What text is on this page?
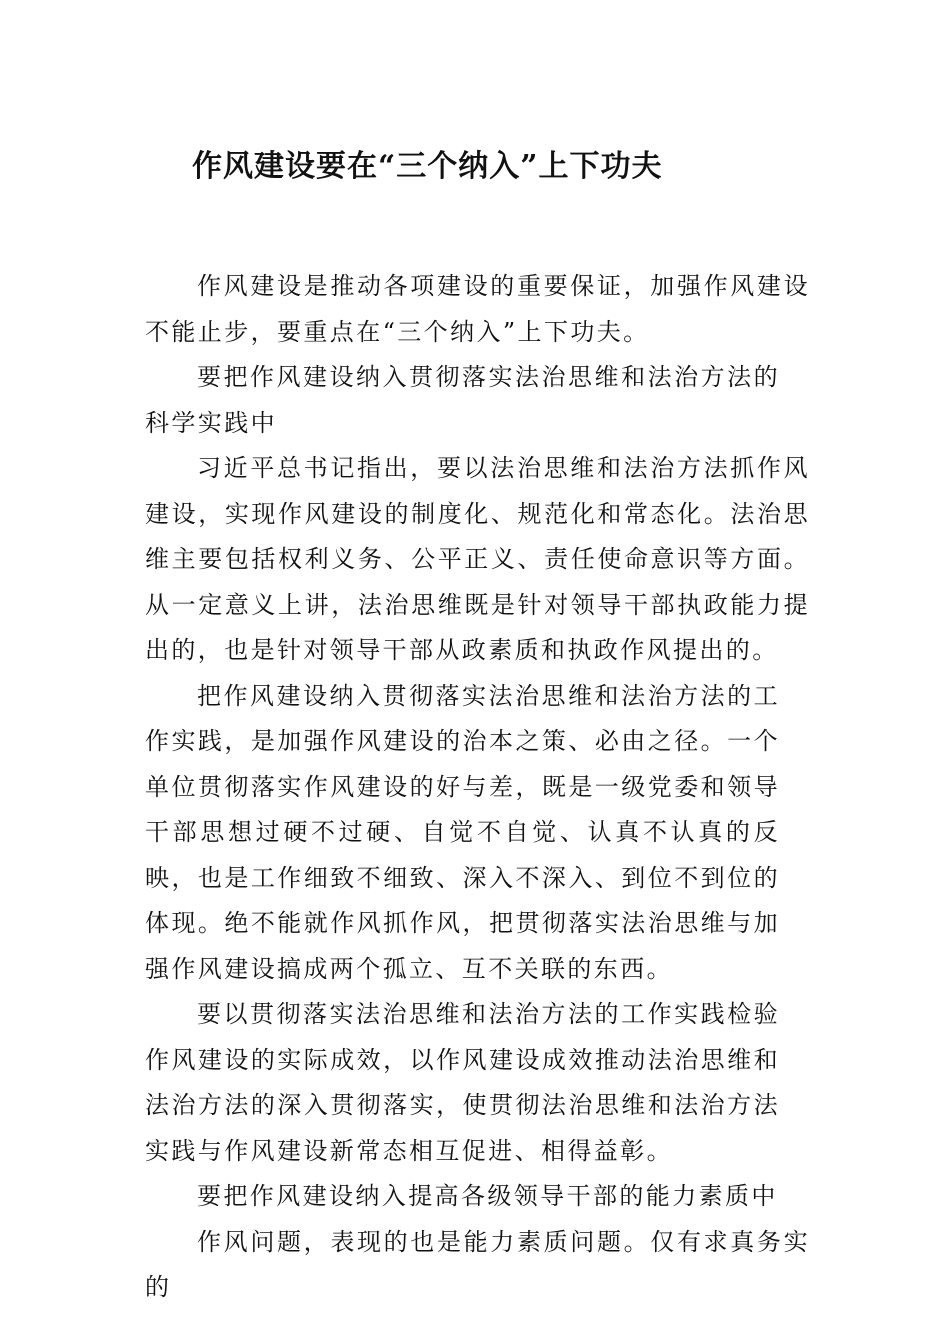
作风建设要在“三个纳入”上下功夫

作风建设是推动各项建设的重要保证，加强作风建设不能止步，要重点在“三个纳入”上下功夫。

要把作风建设纳入贯彻落实法治思维和法治方法的科学实践中

习近平总书记指出，要以法治思维和法治方法抓作风建设，实现作风建设的制度化、规范化和常态化。法治思维主要包括权利义务、公平正义、责任使命意识等方面。从一定意义上讲，法治思维既是针对领导干部执政能力提出的，也是针对领导干部从政素质和执政作风提出的。

把作风建设纳入贯彻落实法治思维和法治方法的工作实践，是加强作风建设的治本之策、必由之径。一个单位贯彻落实作风建设的好与差，既是一级党委和领导干部思想过硬不过硬、自觉不自觉、认真不认真的反映，也是工作细致不细致、深入不深入、到位不到位的体现。绝不能就作风抓作风，把贯彻落实法治思维与加强作风建设搞成两个孤立、互不关联的东西。

要以贯彻落实法治思维和法治方法的工作实践检验作风建设的实际成效，以作风建设成效推动法治思维和法治方法的深入贯彻落实，使贯彻法治思维和法治方法实践与作风建设新常态相互促进、相得益彰。

要把作风建设纳入提高各级领导干部的能力素质中

作风问题，表现的也是能力素质问题。仅有求真务实的
